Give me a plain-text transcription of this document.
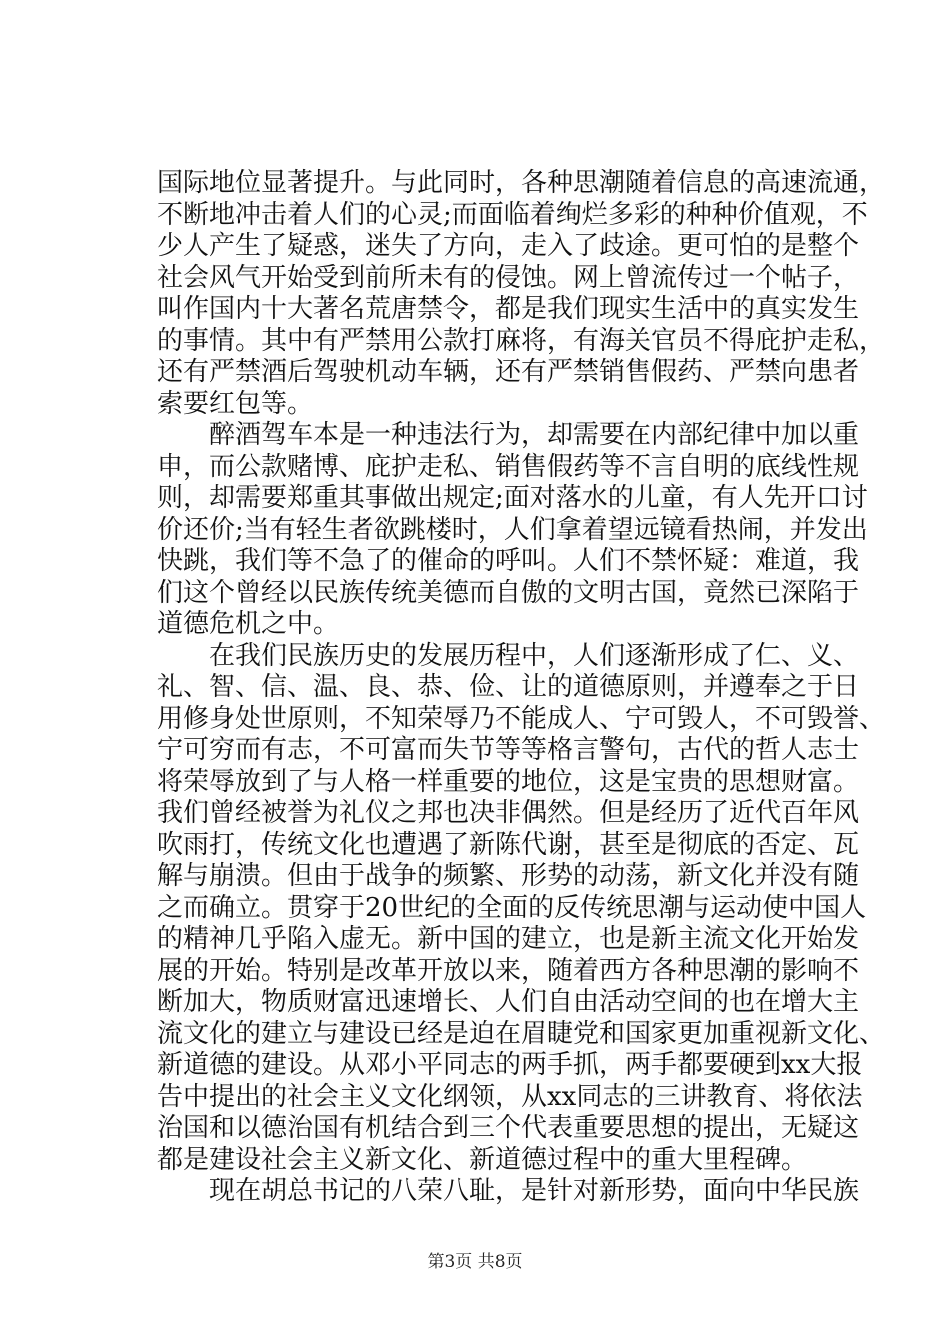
国际地位显著提升。与此同时，各种思潮随着信息的高速流通，
不断地冲击着人们的心灵;而面临着绚烂多彩的种种价值观，不
少人产生了疑惑，迷失了方向，走入了歧途。更可怕的是整个
社会风气开始受到前所未有的侵蚀。网上曾流传过一个帖子，
叫作国内十大著名荒唐禁令，都是我们现实生活中的真实发生
的事情。其中有严禁用公款打麻将，有海关官员不得庇护走私，
还有严禁酒后驾驶机动车辆，还有严禁销售假药、严禁向患者
索要红包等。
　　醉酒驾车本是一种违法行为，却需要在内部纪律中加以重
申，而公款赌博、庇护走私、销售假药等不言自明的底线性规
则，却需要郑重其事做出规定;面对落水的儿童，有人先开口讨
价还价;当有轻生者欲跳楼时，人们拿着望远镜看热闹，并发出
快跳，我们等不急了的催命的呼叫。人们不禁怀疑：难道，我
们这个曾经以民族传统美德而自傲的文明古国，竟然已深陷于
道德危机之中。
　　在我们民族历史的发展历程中，人们逐渐形成了仁、义、
礼、智、信、温、良、恭、俭、让的道德原则，并遵奉之于日
用修身处世原则，不知荣辱乃不能成人、宁可毁人，不可毁誉、
宁可穷而有志，不可富而失节等等格言警句，古代的哲人志士
将荣辱放到了与人格一样重要的地位，这是宝贵的思想财富。
我们曾经被誉为礼仪之邦也决非偶然。但是经历了近代百年风
吹雨打，传统文化也遭遇了新陈代谢，甚至是彻底的否定、瓦
解与崩溃。但由于战争的频繁、形势的动荡，新文化并没有随
之而确立。贯穿于20世纪的全面的反传统思潮与运动使中国人
的精神几乎陷入虚无。新中国的建立，也是新主流文化开始发
展的开始。特别是改革开放以来，随着西方各种思潮的影响不
断加大，物质财富迅速增长、人们自由活动空间的也在增大主
流文化的建立与建设已经是迫在眉睫党和国家更加重视新文化、
新道德的建设。从邓小平同志的两手抓，两手都要硬到xx大报
告中提出的社会主义文化纲领，从xx同志的三讲教育、将依法
治国和以德治国有机结合到三个代表重要思想的提出，无疑这
都是建设社会主义新文化、新道德过程中的重大里程碑。
　　现在胡总书记的八荣八耻，是针对新形势，面向中华民族
第3页 共8页
